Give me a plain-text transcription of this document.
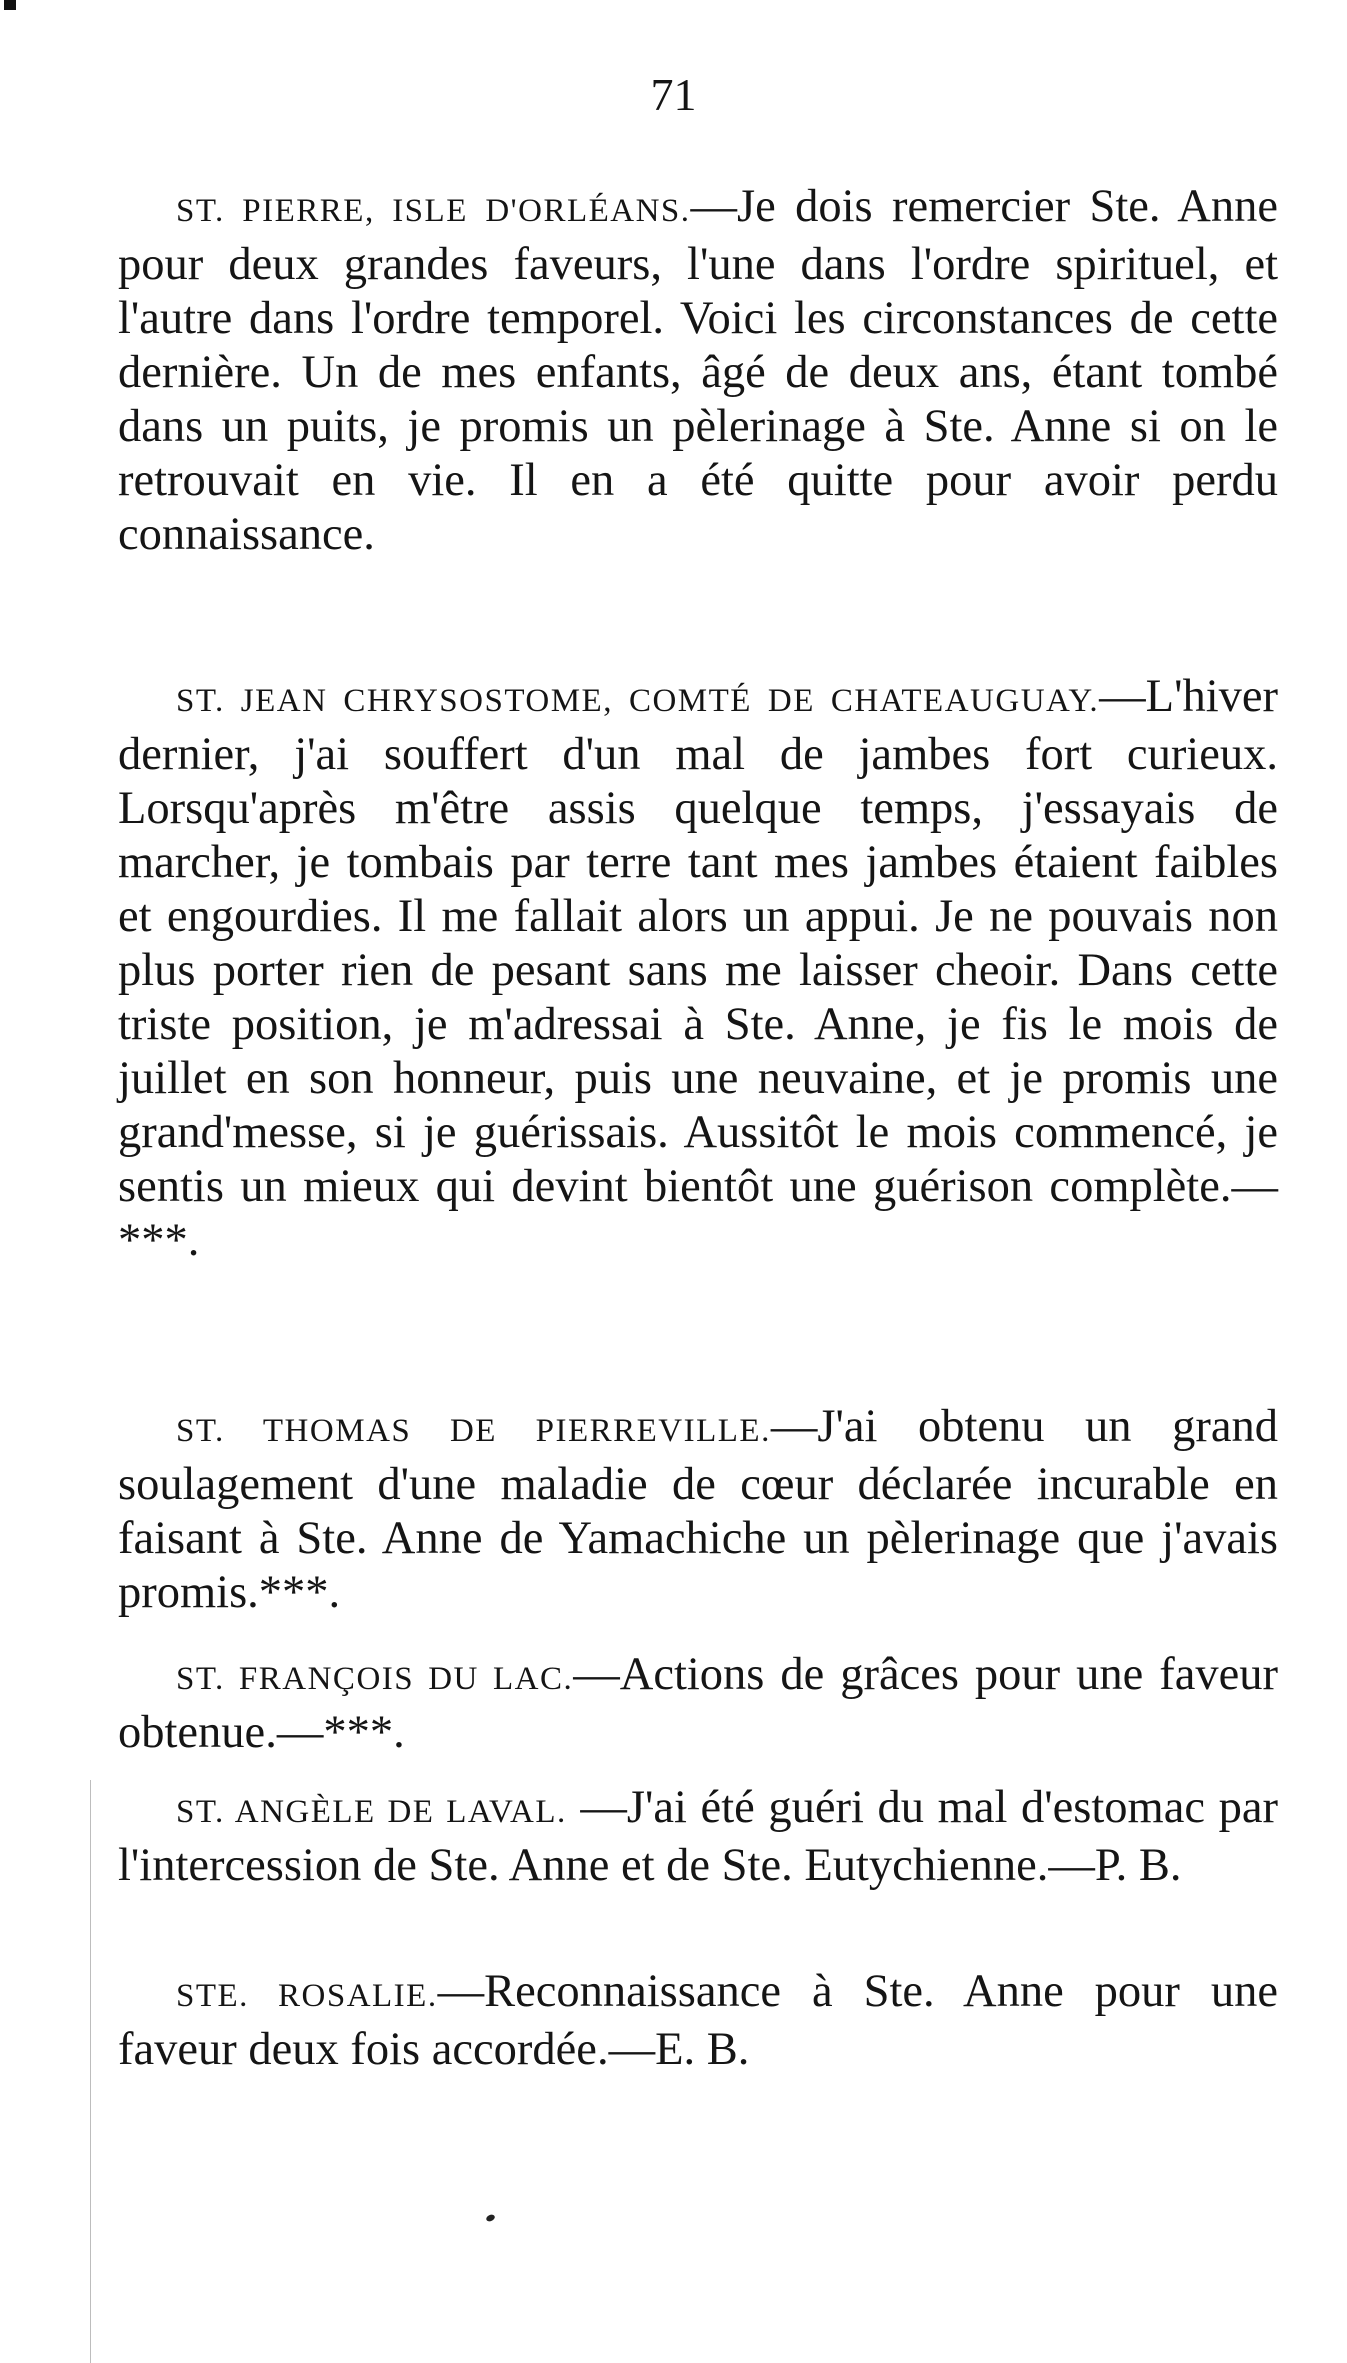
71

ST. PIERRE, ISLE D'ORLÉANS.—Je dois remercier Ste. Anne pour deux grandes faveurs, l'une dans l'ordre spirituel, et l'autre dans l'ordre temporel. Voici les circonstances de cette dernière. Un de mes enfants, âgé de deux ans, étant tombé dans un puits, je promis un pèlerinage à Ste. Anne si on le retrouvait en vie. Il en a été quitte pour avoir perdu connaissance.

ST. JEAN CHRYSOSTOME, COMTÉ DE CHATEAUGUAY.—L'hiver dernier, j'ai souffert d'un mal de jambes fort curieux. Lorsqu'après m'être assis quelque temps, j'essayais de marcher, je tombais par terre tant mes jambes étaient faibles et engourdies. Il me fallait alors un appui. Je ne pouvais non plus porter rien de pesant sans me laisser cheoir. Dans cette triste position, je m'adressai à Ste. Anne, je fis le mois de juillet en son honneur, puis une neuvaine, et je promis une grand'messe, si je guérissais. Aussitôt le mois commencé, je sentis un mieux qui devint bientôt une guérison complète.—***.

ST. THOMAS DE PIERREVILLE.—J'ai obtenu un grand soulagement d'une maladie de cœur déclarée incurable en faisant à Ste. Anne de Yamachiche un pèlerinage que j'avais promis.***.

ST. FRANÇOIS DU LAC.—Actions de grâces pour une faveur obtenue.—***.

ST. ANGÈLE DE LAVAL. —J'ai été guéri du mal d'estomac par l'intercession de Ste. Anne et de Ste. Eutychienne.—P. B.

STE. ROSALIE.—Reconnaissance à Ste. Anne pour une faveur deux fois accordée.—E. B.
